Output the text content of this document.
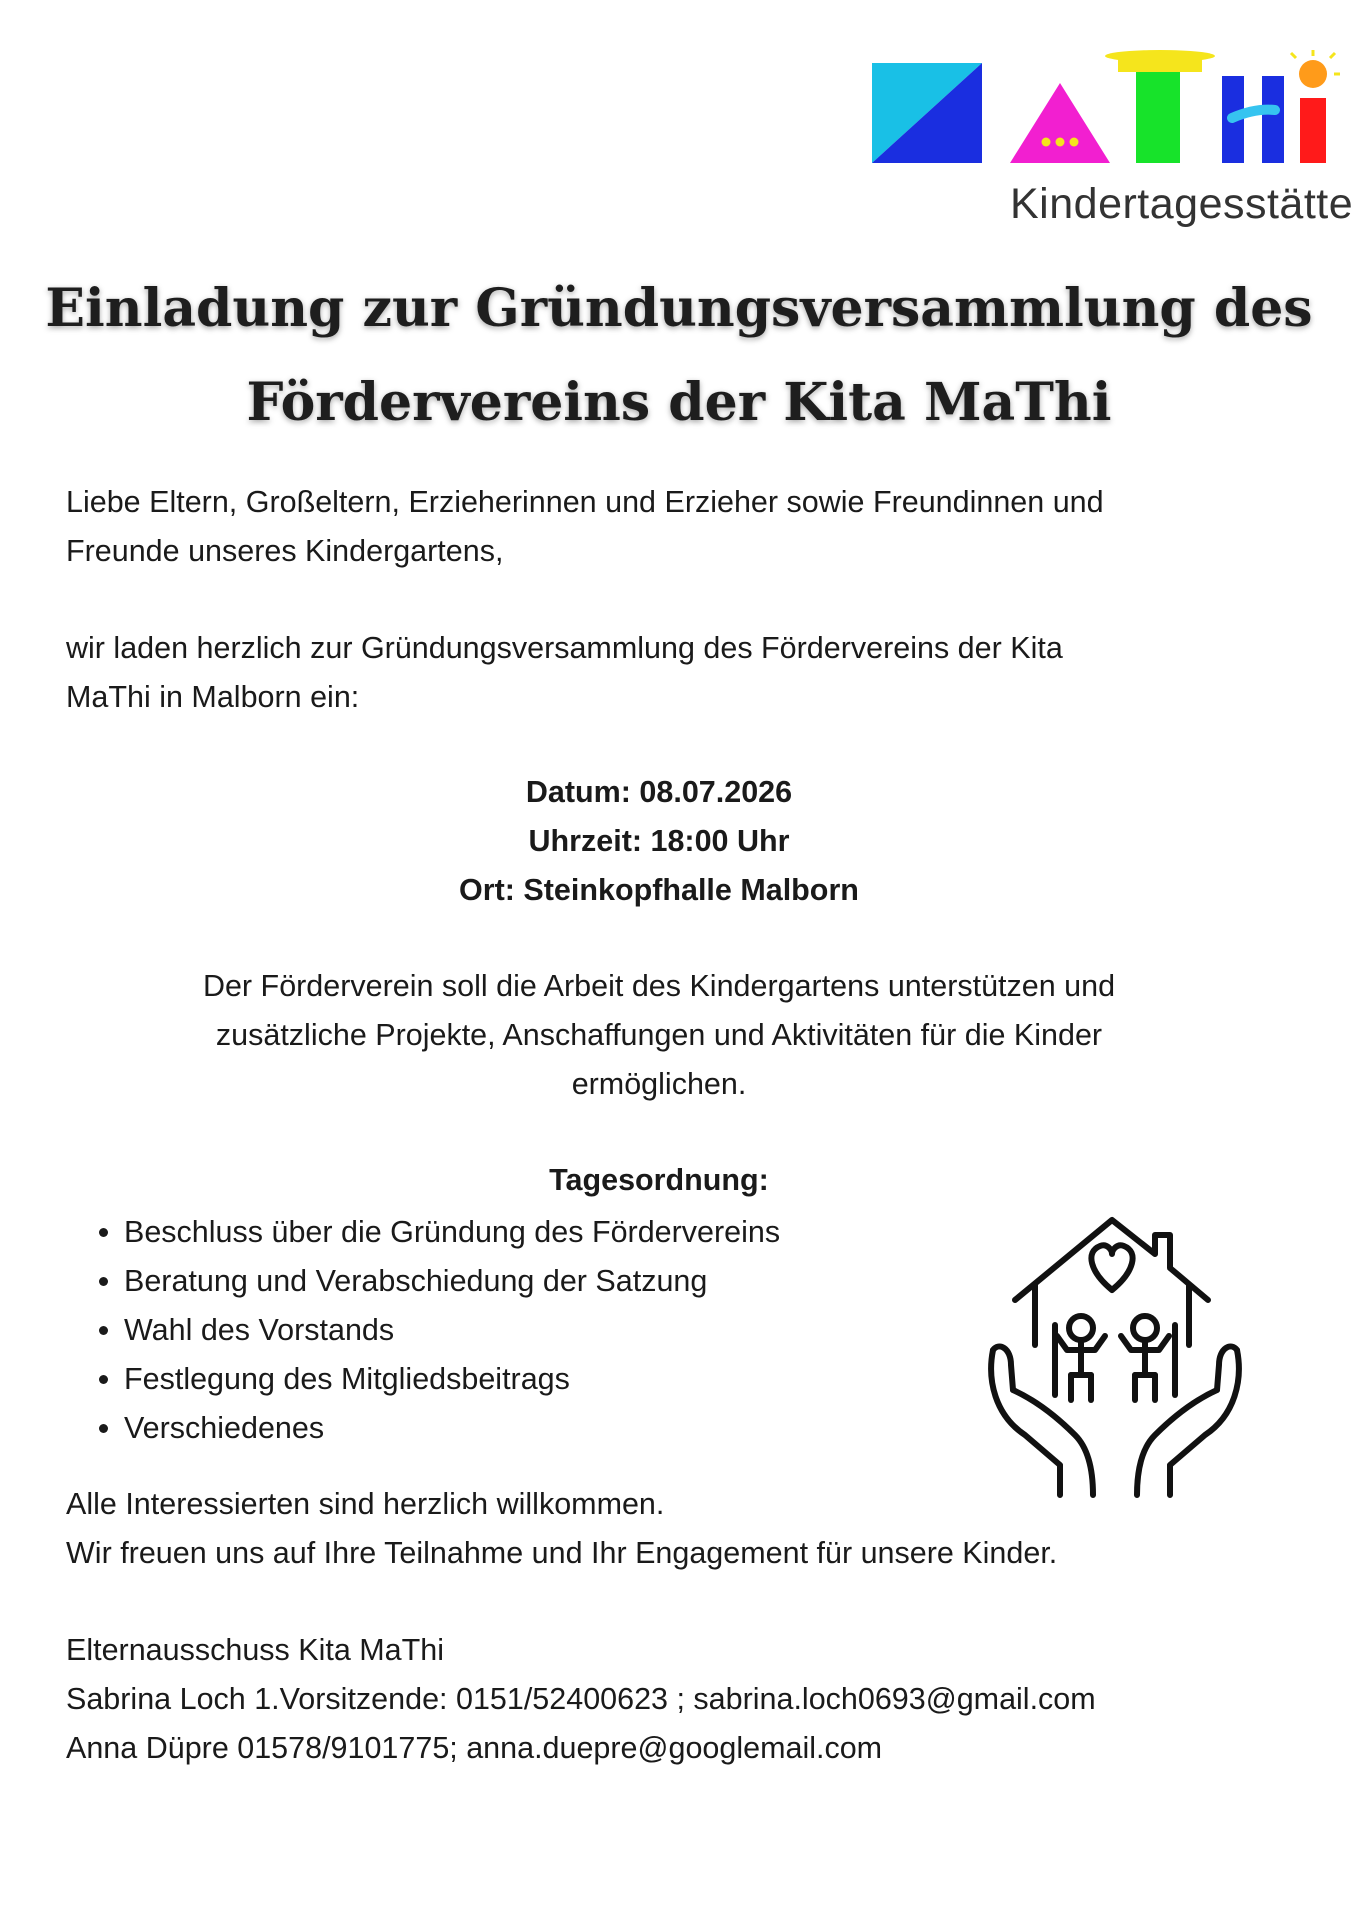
Kindertagesstätte
Einladung zur Gründungsversammlung des
Fördervereins der Kita MaThi
Liebe Eltern, Großeltern, Erzieherinnen und Erzieher sowie Freundinnen und
Freunde unseres Kindergartens,
wir laden herzlich zur Gründungsversammlung des Fördervereins der Kita
MaThi in Malborn ein:
Datum: 08.07.2026
Uhrzeit: 18:00 Uhr
Ort: Steinkopfhalle Malborn
Der Förderverein soll die Arbeit des Kindergartens unterstützen und
zusätzliche Projekte, Anschaffungen und Aktivitäten für die Kinder
ermöglichen.
Tagesordnung:
• Beschluss über die Gründung des Fördervereins
• Beratung und Verabschiedung der Satzung
• Wahl des Vorstands
• Festlegung des Mitgliedsbeitrags
• Verschiedenes
Alle Interessierten sind herzlich willkommen.
Wir freuen uns auf Ihre Teilnahme und Ihr Engagement für unsere Kinder.
Elternausschuss Kita MaThi
Sabrina Loch 1.Vorsitzende: 0151/52400623 ; sabrina.loch0693@gmail.com
Anna Düpre 01578/9101775; anna.duepre@googlemail.com
